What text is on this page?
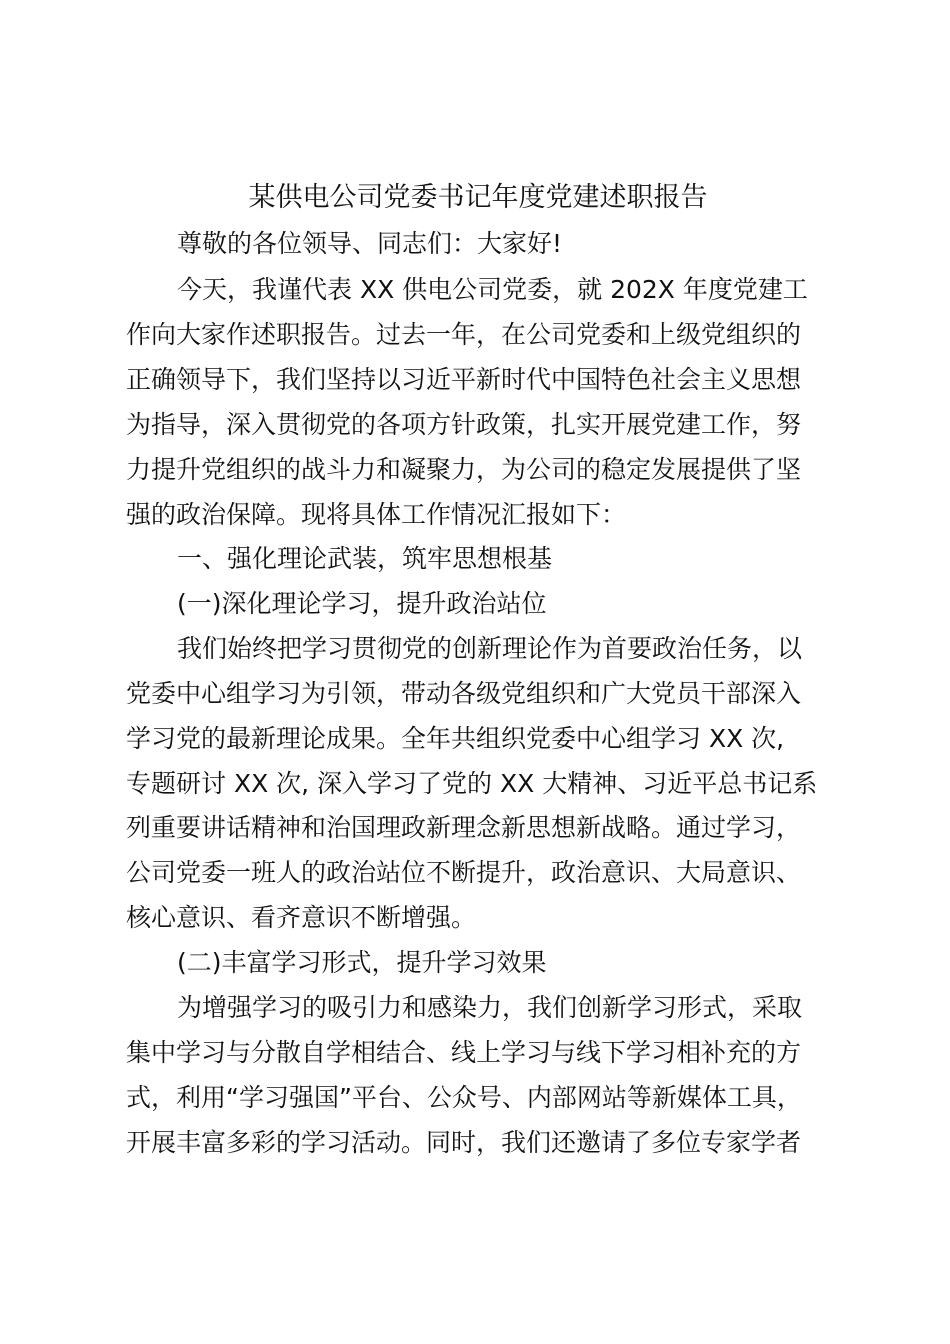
某供电公司党委书记年度党建述职报告
尊敬的各位领导、同志们：大家好!
今天，我谨代表 XX 供电公司党委，就 202X 年度党建工
作向大家作述职报告。过去一年，在公司党委和上级党组织的
正确领导下，我们坚持以习近平新时代中国特色社会主义思想
为指导，深入贯彻党的各项方针政策，扎实开展党建工作，努
力提升党组织的战斗力和凝聚力，为公司的稳定发展提供了坚
强的政治保障。现将具体工作情况汇报如下：
一、强化理论武装，筑牢思想根基
(一)深化理论学习，提升政治站位
我们始终把学习贯彻党的创新理论作为首要政治任务，以
党委中心组学习为引领，带动各级党组织和广大党员干部深入
学习党的最新理论成果。全年共组织党委中心组学习 XX 次,
专题研讨 XX 次, 深入学习了党的 XX 大精神、习近平总书记系
列重要讲话精神和治国理政新理念新思想新战略。通过学习，
公司党委一班人的政治站位不断提升，政治意识、大局意识、
核心意识、看齐意识不断增强。
(二)丰富学习形式，提升学习效果
为增强学习的吸引力和感染力，我们创新学习形式，采取
集中学习与分散自学相结合、线上学习与线下学习相补充的方
式，利用“学习强国”平台、公众号、内部网站等新媒体工具，
开展丰富多彩的学习活动。同时，我们还邀请了多位专家学者
